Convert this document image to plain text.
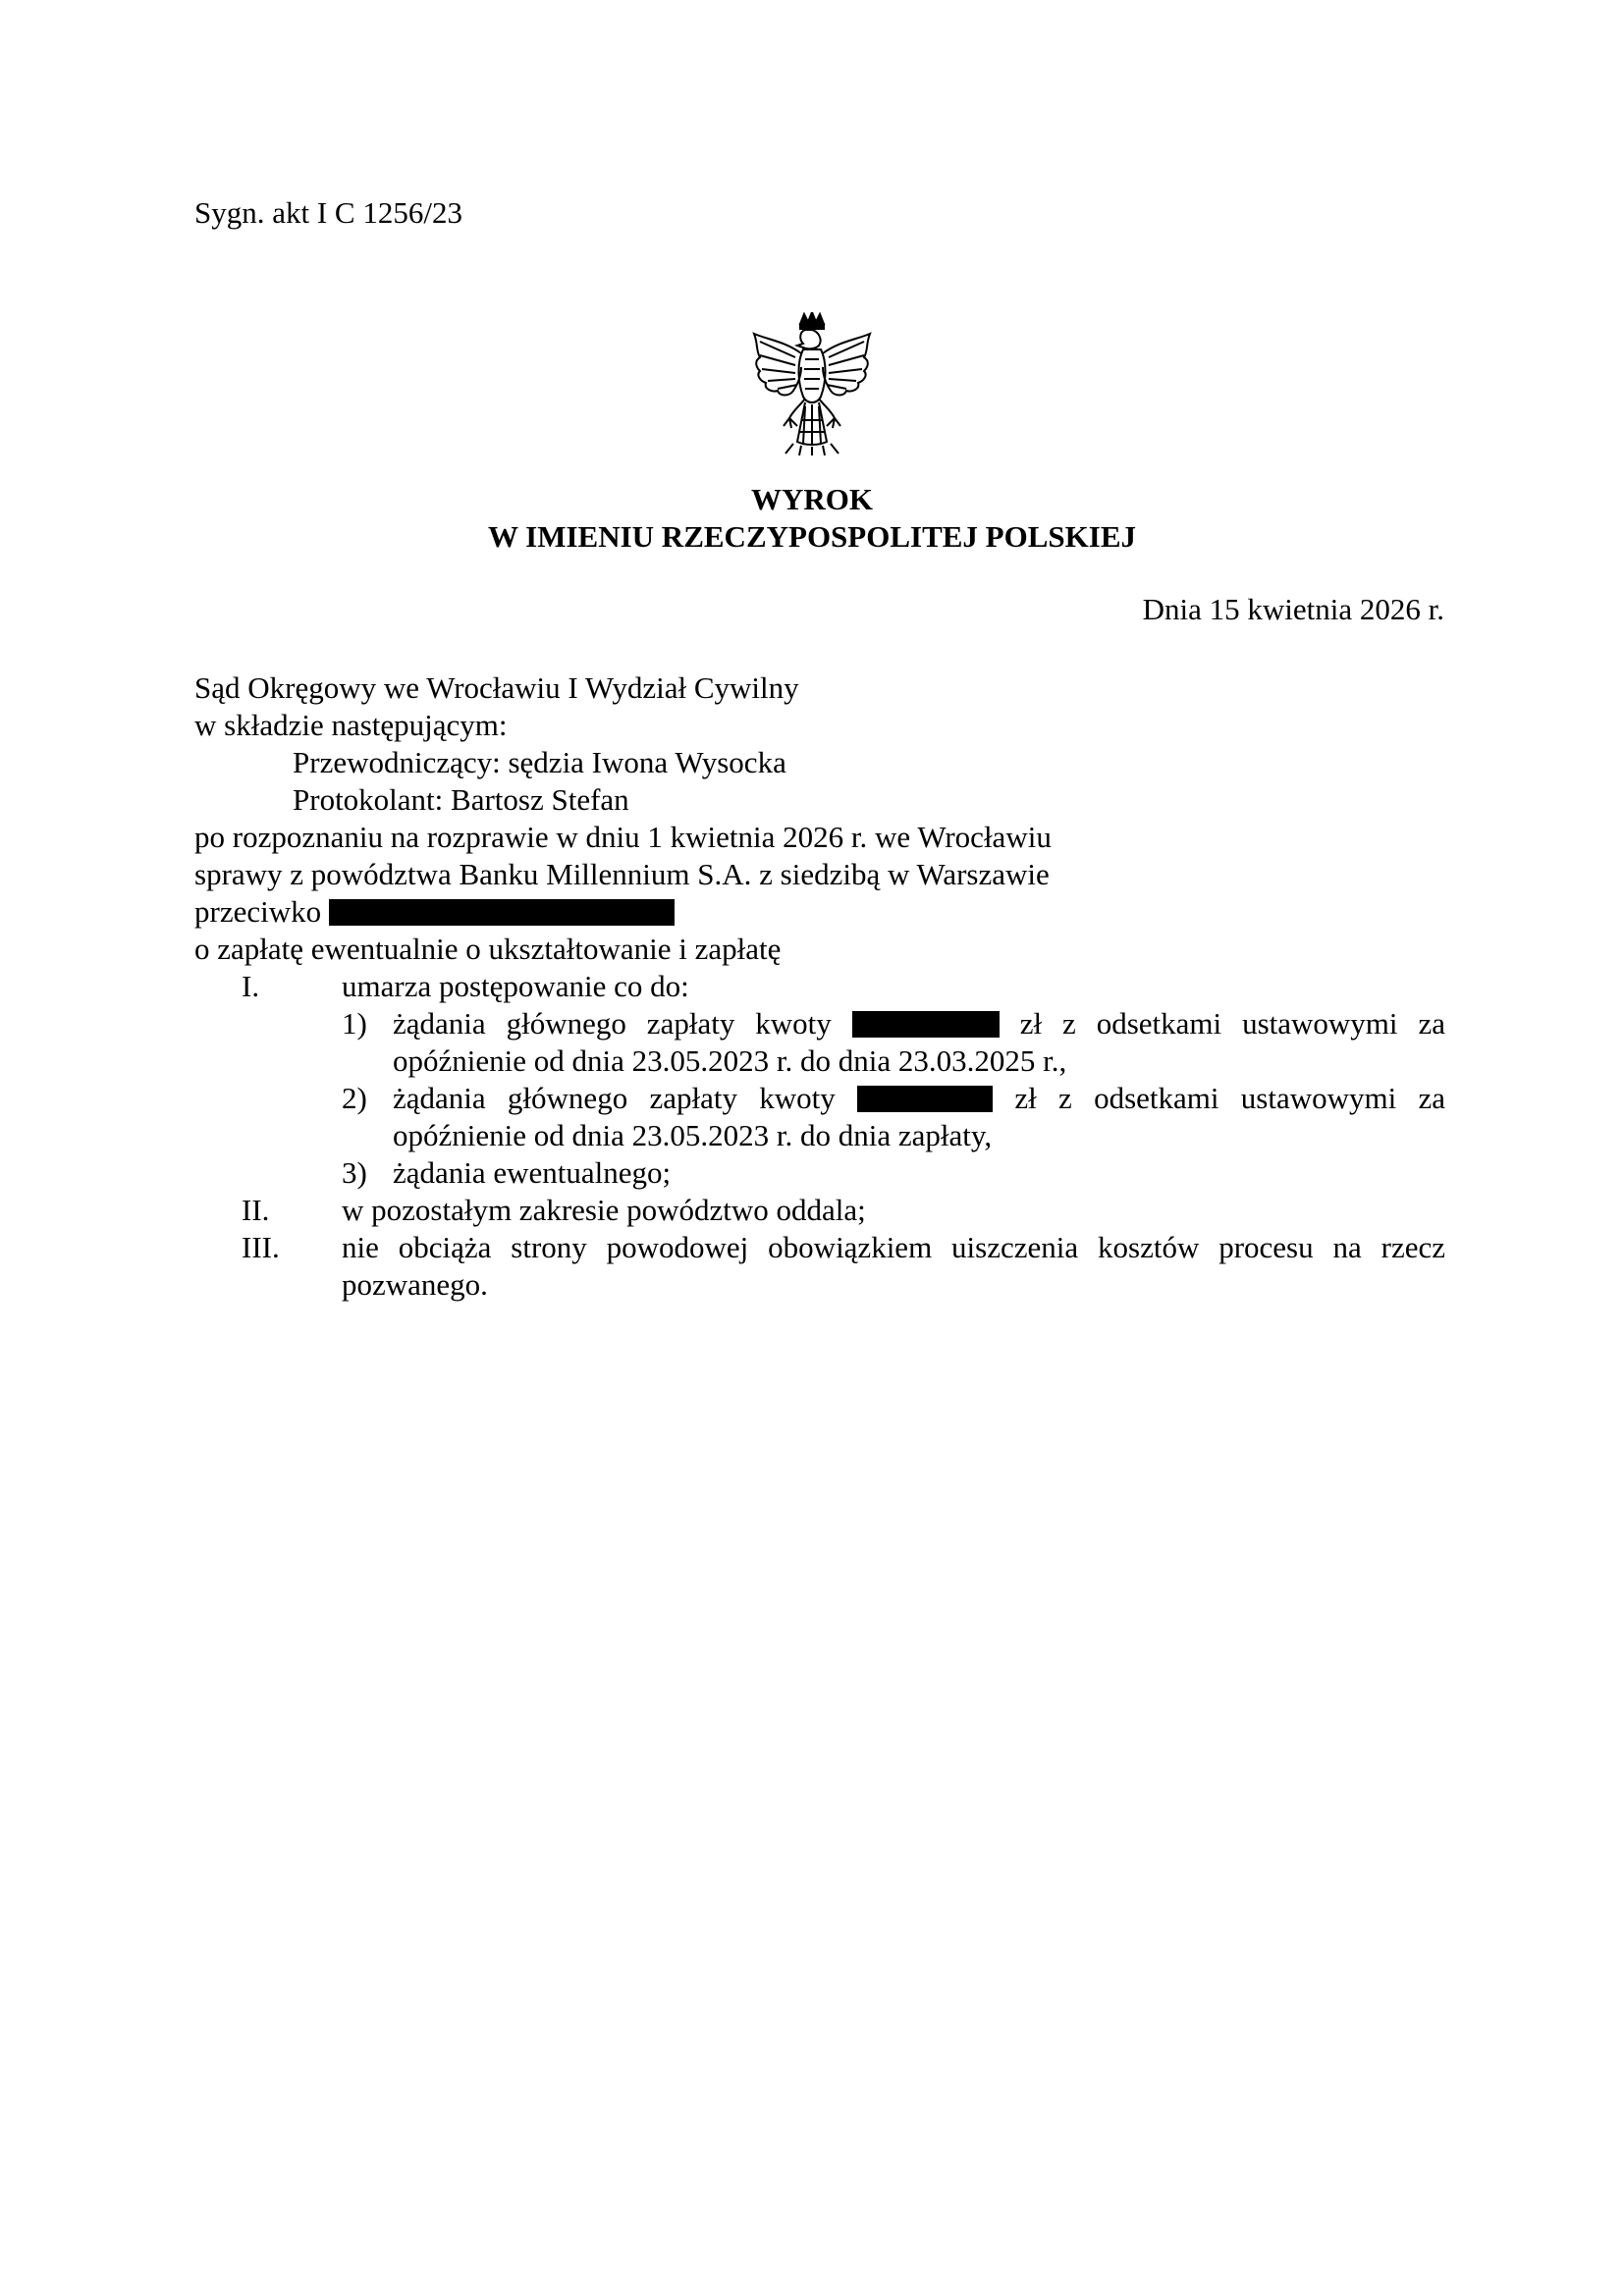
Sygn. akt I C 1256/23
WYROK
W IMIENIU RZECZYPOSPOLITEJ POLSKIEJ
Dnia 15 kwietnia 2026 r.
Sąd Okręgowy we Wrocławiu I Wydział Cywilny
w składzie następującym:
Przewodniczący: sędzia Iwona Wysocka
Protokolant: Bartosz Stefan
po rozpoznaniu na rozprawie w dniu 1 kwietnia 2026 r. we Wrocławiu
sprawy z powództwa Banku Millennium S.A. z siedzibą w Warszawie
przeciwko
o zapłatę ewentualnie o ukształtowanie i zapłatę
I.	umarza postępowanie co do:
1) żądania głównego zapłaty kwoty	zł z odsetkami ustawowymi za
opóźnienie od dnia 23.05.2023 r. do dnia 23.03.2025 r.,
2) żądania głównego zapłaty kwoty	zł z odsetkami ustawowymi za
opóźnienie od dnia 23.05.2023 r. do dnia zapłaty,
3) żądania ewentualnego;
II. w pozostałym zakresie powództwo oddala;
III. nie obciąża strony powodowej obowiązkiem uiszczenia kosztów procesu na rzecz
pozwanego.
